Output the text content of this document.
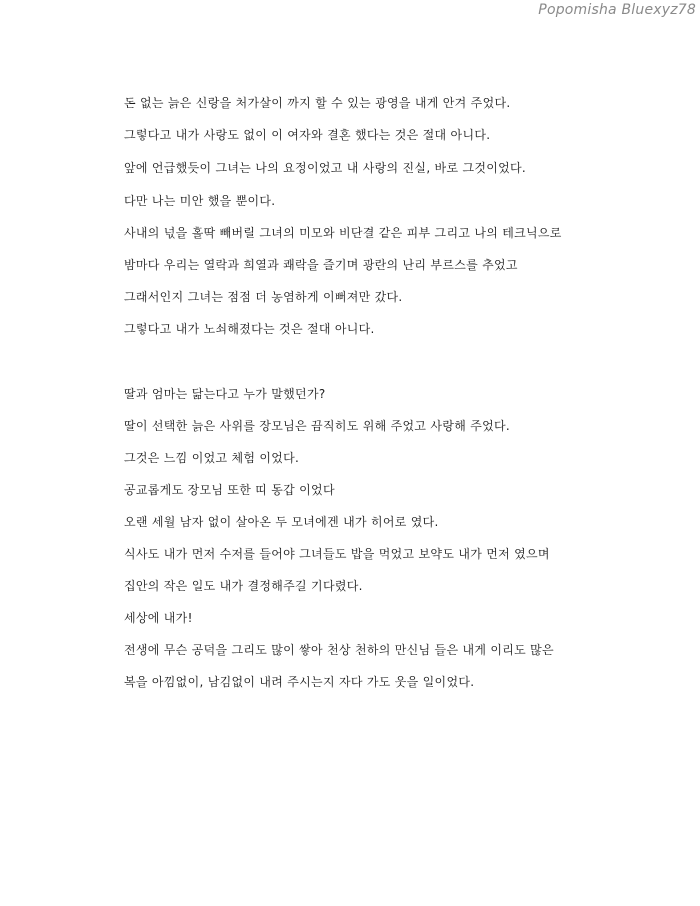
Popomisha Bluexyz78

돈 없는 늙은 신랑을 처가살이 까지 할 수 있는 광영을 내게 안겨 주었다.

그렇다고 내가 사랑도 없이 이 여자와 결혼 했다는 것은 절대 아니다.

앞에 언급했듯이 그녀는 나의 요정이었고 내 사랑의 진실, 바로 그것이었다.

다만 나는 미안 했을 뿐이다.

사내의 넋을 홀딱 빼버릴 그녀의 미모와 비단결 같은 피부 그리고 나의 테크닉으로

밤마다 우리는 열락과 희열과 쾌락을 즐기며 광란의 난리 부르스를 추었고

그래서인지 그녀는 점점 더 농염하게 이뻐져만 갔다.

그렇다고 내가 노쇠해졌다는 것은 절대 아니다.

딸과 엄마는 닮는다고 누가 말했던가?

딸이 선택한 늙은 사위를 장모님은 끔직히도 위해 주었고 사랑해 주었다.

그것은 느낌 이었고 체험 이었다.

공교롭게도 장모님 또한 띠 동갑 이었다

오랜 세월 남자 없이 살아온 두 모녀에겐 내가 히어로 였다.

식사도 내가 먼저 수저를 들어야 그녀들도 밥을 먹었고 보약도 내가 먼저 였으며

집안의 작은 일도 내가 결정해주길 기다렸다.

세상에 내가!

전생에 무슨 공덕을 그리도 많이 쌓아 천상 천하의 만신님 들은 내게 이리도 많은

복을 아낌없이, 남김없이 내려 주시는지 자다 가도 웃을 일이었다.
